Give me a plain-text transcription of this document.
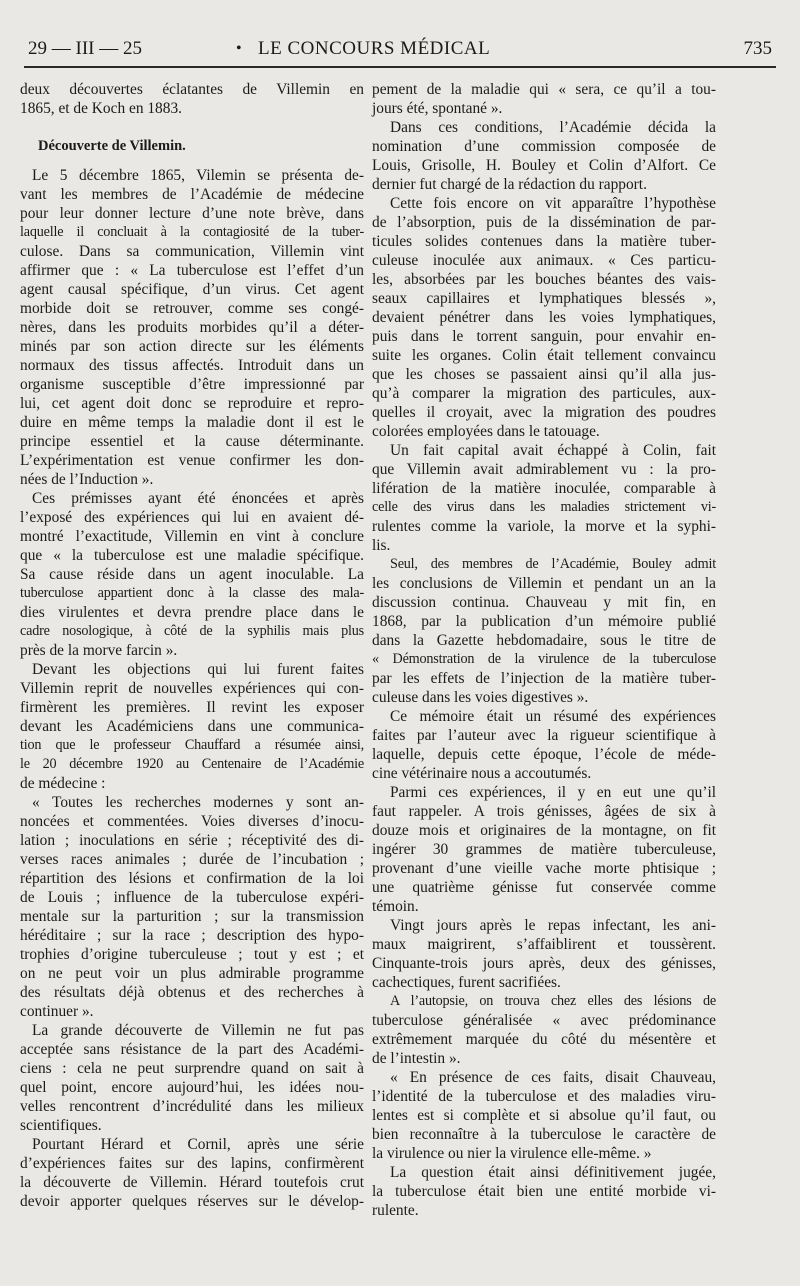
29 — III — 25	• LE CONCOURS MÉDICAL	735
deux découvertes éclatantes de Villemin en
1865, et de Koch en 1883.
Découverte de Villemin.
Le 5 décembre 1865, Vilemin se présenta de-
vant les membres de l’Académie de médecine
pour leur donner lecture d’une note brève, dans
laquelle il concluait à la contagiosité de la tuber-
culose. Dans sa communication, Villemin vint
affirmer que : « La tuberculose est l’effet d’un
agent causal spécifique, d’un virus. Cet agent
morbide doit se retrouver, comme ses congé-
nères, dans les produits morbides qu’il a déter-
minés par son action directe sur les éléments
normaux des tissus affectés. Introduit dans un
organisme susceptible d’être impressionné par
lui, cet agent doit donc se reproduire et repro-
duire en même temps la maladie dont il est le
principe essentiel et la cause déterminante.
L’expérimentation est venue confirmer les don-
nées de l’Induction ».
Ces prémisses ayant été énoncées et après
l’exposé des expériences qui lui en avaient dé-
montré l’exactitude, Villemin en vint à conclure
que « la tuberculose est une maladie spécifique.
Sa cause réside dans un agent inoculable. La
tuberculose appartient donc à la classe des mala-
dies virulentes et devra prendre place dans le
cadre nosologique, à côté de la syphilis mais plus
près de la morve farcin ».
Devant les objections qui lui furent faites
Villemin reprit de nouvelles expériences qui con-
firmèrent les premières. Il revint les exposer
devant les Académiciens dans une communica-
tion que le professeur Chauffard a résumée ainsi,
le 20 décembre 1920 au Centenaire de l’Académie
de médecine :
« Toutes les recherches modernes y sont an-
noncées et commentées. Voies diverses d’inocu-
lation ; inoculations en série ; réceptivité des di-
verses races animales ; durée de l’incubation ;
répartition des lésions et confirmation de la loi
de Louis ; influence de la tuberculose expéri-
mentale sur la parturition ; sur la transmission
héréditaire ; sur la race ; description des hypo-
trophies d’origine tuberculeuse ; tout y est ; et
on ne peut voir un plus admirable programme
des résultats déjà obtenus et des recherches à
continuer ».
La grande découverte de Villemin ne fut pas
acceptée sans résistance de la part des Académi-
ciens : cela ne peut surprendre quand on sait à
quel point, encore aujourd’hui, les idées nou-
velles rencontrent d’incrédulité dans les milieux
scientifiques.
Pourtant Hérard et Cornil, après une série
d’expériences faites sur des lapins, confirmèrent
la découverte de Villemin. Hérard toutefois crut
devoir apporter quelques réserves sur le dévelop-
pement de la maladie qui « sera, ce qu’il a tou-
jours été, spontané ».
Dans ces conditions, l’Académie décida la
nomination d’une commission composée de
Louis, Grisolle, H. Bouley et Colin d’Alfort. Ce
dernier fut chargé de la rédaction du rapport.
Cette fois encore on vit apparaître l’hypothèse
de l’absorption, puis de la dissémination de par-
ticules solides contenues dans la matière tuber-
culeuse inoculée aux animaux. « Ces particu-
les, absorbées par les bouches béantes des vais-
seaux capillaires et lymphatiques blessés »,
devaient pénétrer dans les voies lymphatiques,
puis dans le torrent sanguin, pour envahir en-
suite les organes. Colin était tellement convaincu
que les choses se passaient ainsi qu’il alla jus-
qu’à comparer la migration des particules, aux-
quelles il croyait, avec la migration des poudres
colorées employées dans le tatouage.
Un fait capital avait échappé à Colin, fait
que Villemin avait admirablement vu : la pro-
lifération de la matière inoculée, comparable à
celle des virus dans les maladies strictement vi-
rulentes comme la variole, la morve et la syphi-
lis.
Seul, des membres de l’Académie, Bouley admit
les conclusions de Villemin et pendant un an la
discussion continua. Chauveau y mit fin, en
1868, par la publication d’un mémoire publié
dans la Gazette hebdomadaire, sous le titre de
« Démonstration de la virulence de la tuberculose
par les effets de l’injection de la matière tuber-
culeuse dans les voies digestives ».
Ce mémoire était un résumé des expériences
faites par l’auteur avec la rigueur scientifique à
laquelle, depuis cette époque, l’école de méde-
cine vétérinaire nous a accoutumés.
Parmi ces expériences, il y en eut une qu’il
faut rappeler. A trois génisses, âgées de six à
douze mois et originaires de la montagne, on fit
ingérer 30 grammes de matière tuberculeuse,
provenant d’une vieille vache morte phtisique ;
une quatrième génisse fut conservée comme
témoin.
Vingt jours après le repas infectant, les ani-
maux maigrirent, s’affaiblirent et toussèrent.
Cinquante-trois jours après, deux des génisses,
cachectiques, furent sacrifiées.
A l’autopsie, on trouva chez elles des lésions de
tuberculose généralisée « avec prédominance
extrêmement marquée du côté du mésentère et
de l’intestin ».
« En présence de ces faits, disait Chauveau,
l’identité de la tuberculose et des maladies viru-
lentes est si complète et si absolue qu’il faut, ou
bien reconnaître à la tuberculose le caractère de
la virulence ou nier la virulence elle-même. »
La question était ainsi définitivement jugée,
la tuberculose était bien une entité morbide vi-
rulente.
